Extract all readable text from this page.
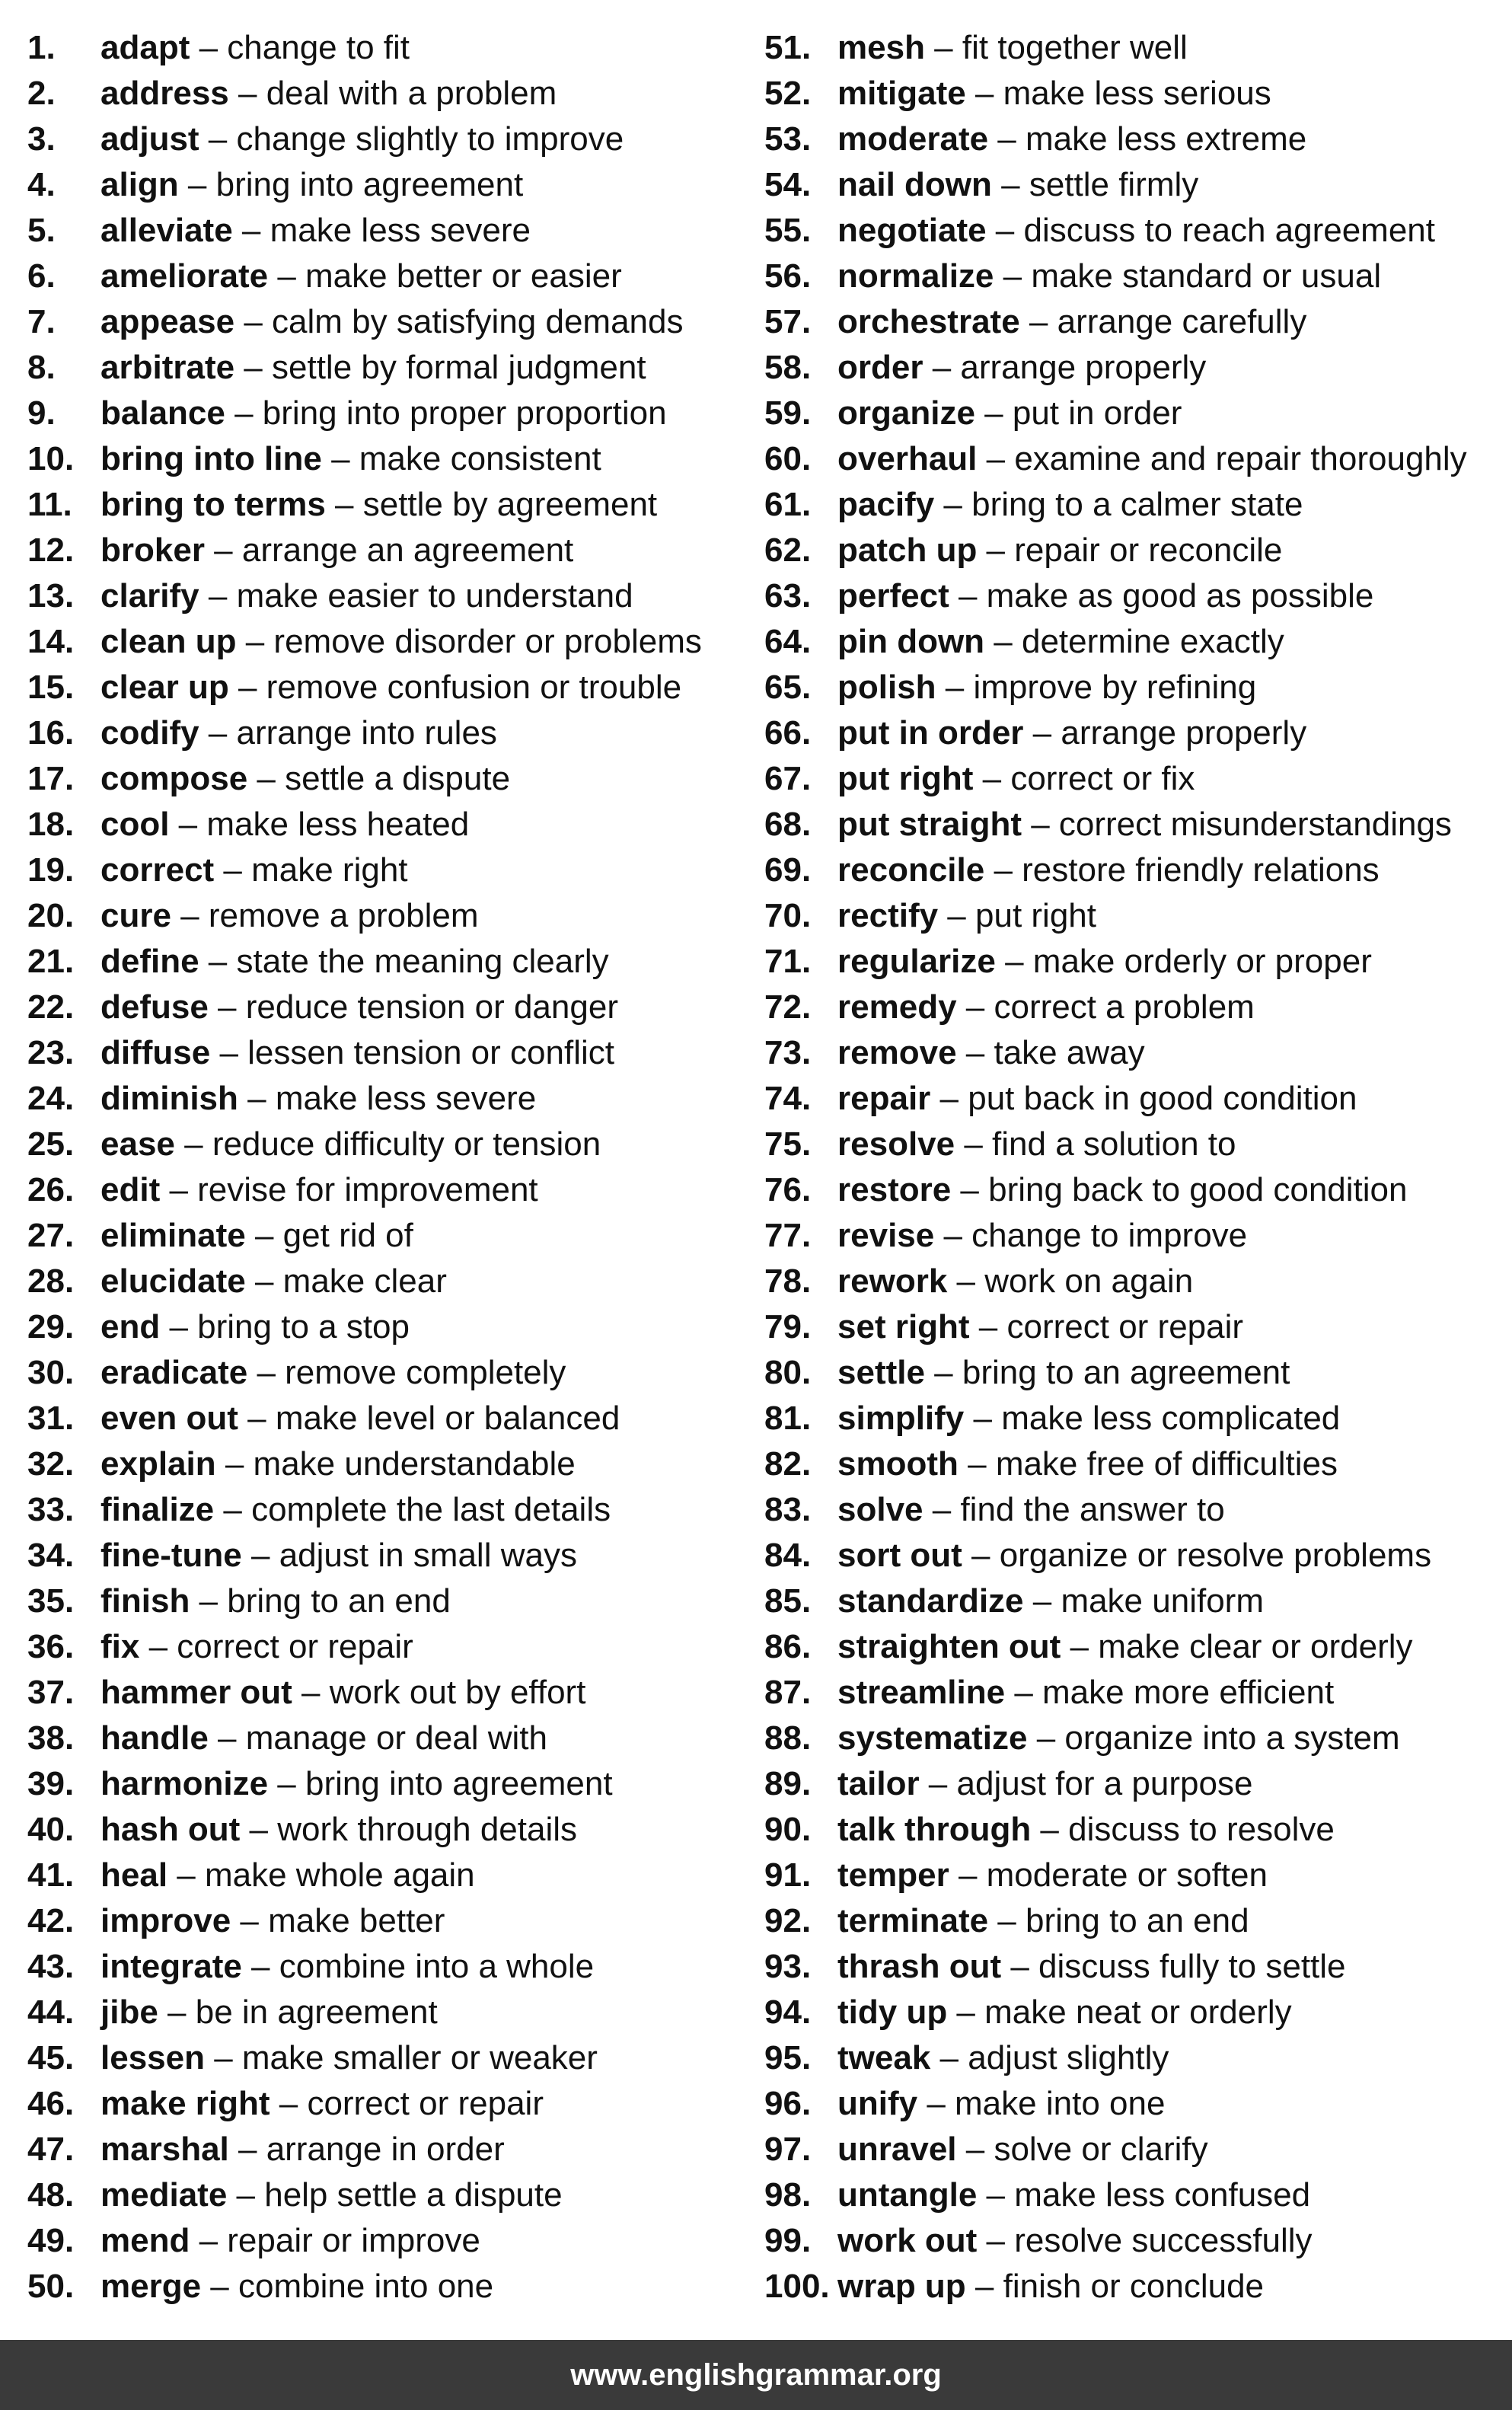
1. adapt – change to fit
2. address – deal with a problem
3. adjust – change slightly to improve
4. align – bring into agreement
5. alleviate – make less severe
6. ameliorate – make better or easier
7. appease – calm by satisfying demands
8. arbitrate – settle by formal judgment
9. balance – bring into proper proportion
10. bring into line – make consistent
11. bring to terms – settle by agreement
12. broker – arrange an agreement
13. clarify – make easier to understand
14. clean up – remove disorder or problems
15. clear up – remove confusion or trouble
16. codify – arrange into rules
17. compose – settle a dispute
18. cool – make less heated
19. correct – make right
20. cure – remove a problem
21. define – state the meaning clearly
22. defuse – reduce tension or danger
23. diffuse – lessen tension or conflict
24. diminish – make less severe
25. ease – reduce difficulty or tension
26. edit – revise for improvement
27. eliminate – get rid of
28. elucidate – make clear
29. end – bring to a stop
30. eradicate – remove completely
31. even out – make level or balanced
32. explain – make understandable
33. finalize – complete the last details
34. fine-tune – adjust in small ways
35. finish – bring to an end
36. fix – correct or repair
37. hammer out – work out by effort
38. handle – manage or deal with
39. harmonize – bring into agreement
40. hash out – work through details
41. heal – make whole again
42. improve – make better
43. integrate – combine into a whole
44. jibe – be in agreement
45. lessen – make smaller or weaker
46. make right – correct or repair
47. marshal – arrange in order
48. mediate – help settle a dispute
49. mend – repair or improve
50. merge – combine into one
51. mesh – fit together well
52. mitigate – make less serious
53. moderate – make less extreme
54. nail down – settle firmly
55. negotiate – discuss to reach agreement
56. normalize – make standard or usual
57. orchestrate – arrange carefully
58. order – arrange properly
59. organize – put in order
60. overhaul – examine and repair thoroughly
61. pacify – bring to a calmer state
62. patch up – repair or reconcile
63. perfect – make as good as possible
64. pin down – determine exactly
65. polish – improve by refining
66. put in order – arrange properly
67. put right – correct or fix
68. put straight – correct misunderstandings
69. reconcile – restore friendly relations
70. rectify – put right
71. regularize – make orderly or proper
72. remedy – correct a problem
73. remove – take away
74. repair – put back in good condition
75. resolve – find a solution to
76. restore – bring back to good condition
77. revise – change to improve
78. rework – work on again
79. set right – correct or repair
80. settle – bring to an agreement
81. simplify – make less complicated
82. smooth – make free of difficulties
83. solve – find the answer to
84. sort out – organize or resolve problems
85. standardize – make uniform
86. straighten out – make clear or orderly
87. streamline – make more efficient
88. systematize – organize into a system
89. tailor – adjust for a purpose
90. talk through – discuss to resolve
91. temper – moderate or soften
92. terminate – bring to an end
93. thrash out – discuss fully to settle
94. tidy up – make neat or orderly
95. tweak – adjust slightly
96. unify – make into one
97. unravel – solve or clarify
98. untangle – make less confused
99. work out – resolve successfully
100. wrap up – finish or conclude
www.englishgrammar.org
